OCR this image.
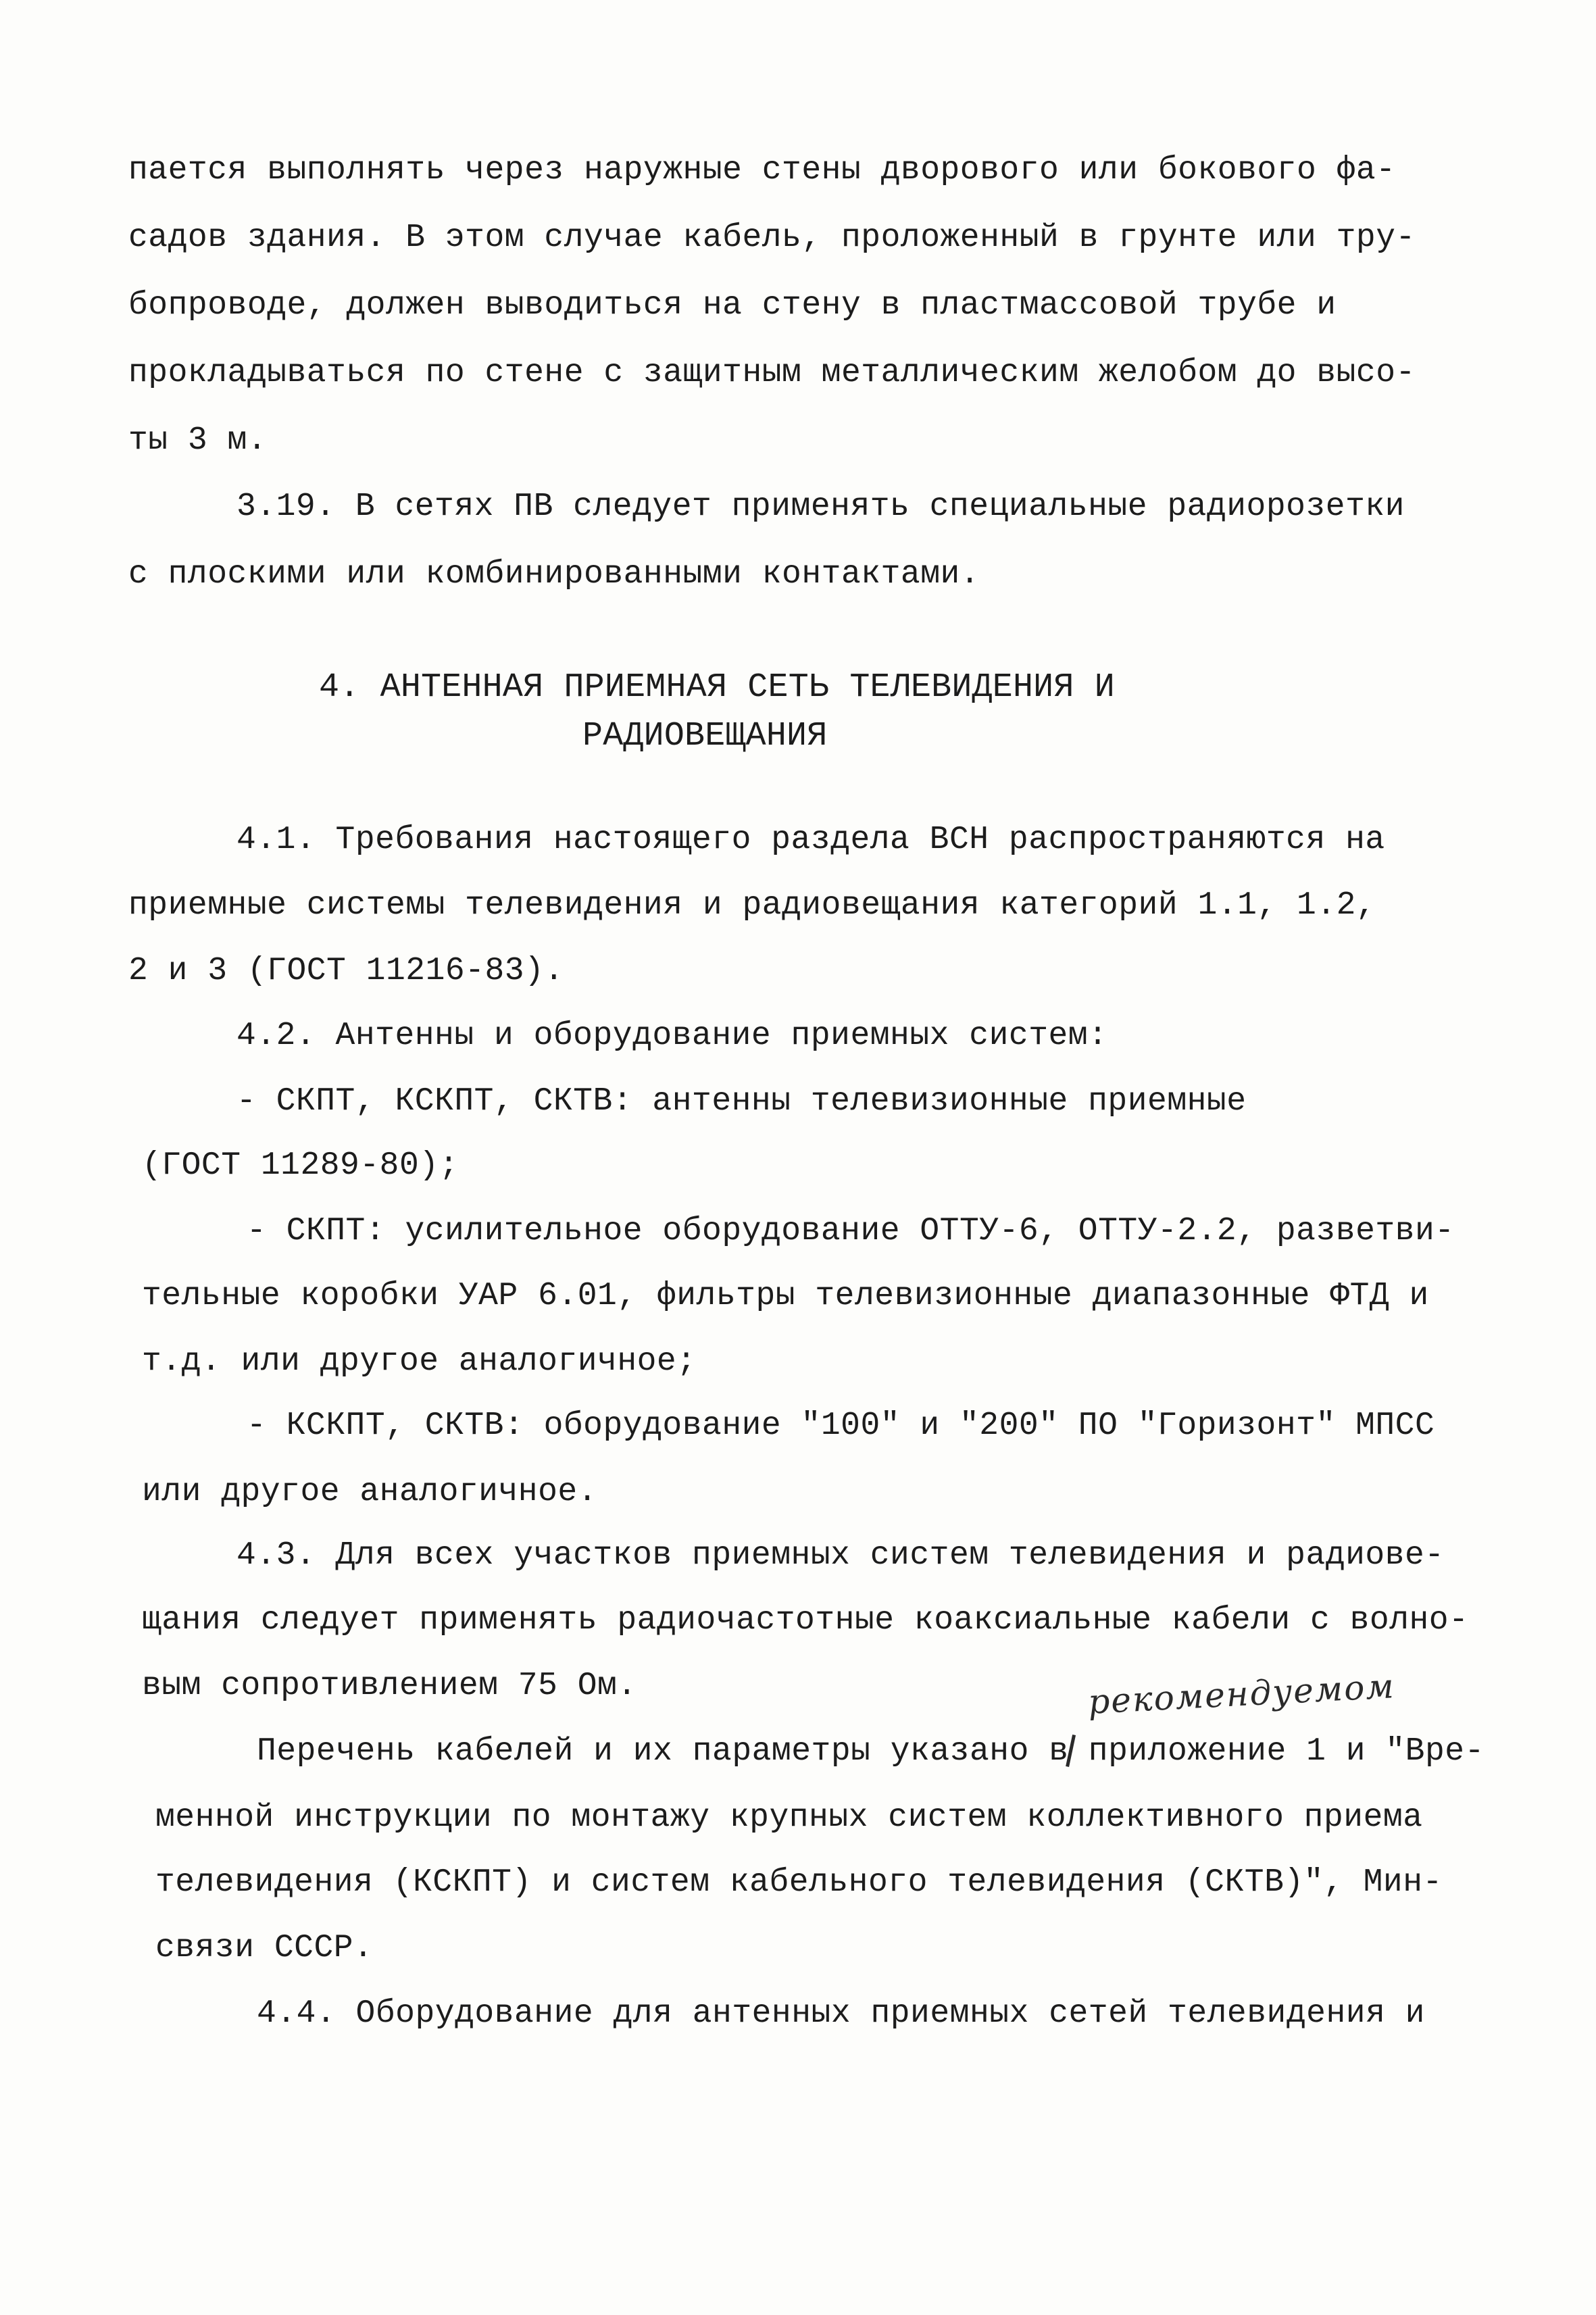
пается выполнять через наружные стены дворового или бокового фа-
садов здания. В этом случае кабель, проложенный в грунте или тру-
бопроводе, должен выводиться на стену в пластмассовой трубе и
прокладываться по стене с защитным металлическим желобом до высо-
ты 3 м.
3.19. В сетях ПВ следует применять специальные радиорозетки
с плоскими или комбинированными контактами.
4. АНТЕННАЯ ПРИЕМНАЯ СЕТЬ ТЕЛЕВИДЕНИЯ И
РАДИОВЕЩАНИЯ
4.1. Требования настоящего раздела ВСН распространяются на
приемные системы телевидения и радиовещания категорий 1.1, 1.2,
2 и 3 (ГОСТ 11216-83).
4.2. Антенны и оборудование приемных систем:
- СКПТ, КСКПТ, СКТВ: антенны телевизионные приемные
(ГОСТ 11289-80);
- СКПТ: усилительное оборудование ОТТУ-6, ОТТУ-2.2, разветви-
тельные коробки УАР 6.01, фильтры телевизионные диапазонные ФТД и
т.д. или другое аналогичное;
- КСКПТ, СКТВ: оборудование "100" и "200" ПО "Горизонт" МПСС
или другое аналогичное.
4.3. Для всех участков приемных систем телевидения и радиове-
щания следует применять радиочастотные коаксиальные кабели с волно-
вым сопротивлением 75 Ом.	рекомендуемом
Перечень кабелей и их параметры указано в приложение 1 и "Вре-
менной инструкции по монтажу крупных систем коллективного приема
телевидения (КСКПТ) и систем кабельного телевидения (СКТВ)", Мин-
связи СССР.
4.4. Оборудование для антенных приемных сетей телевидения и
